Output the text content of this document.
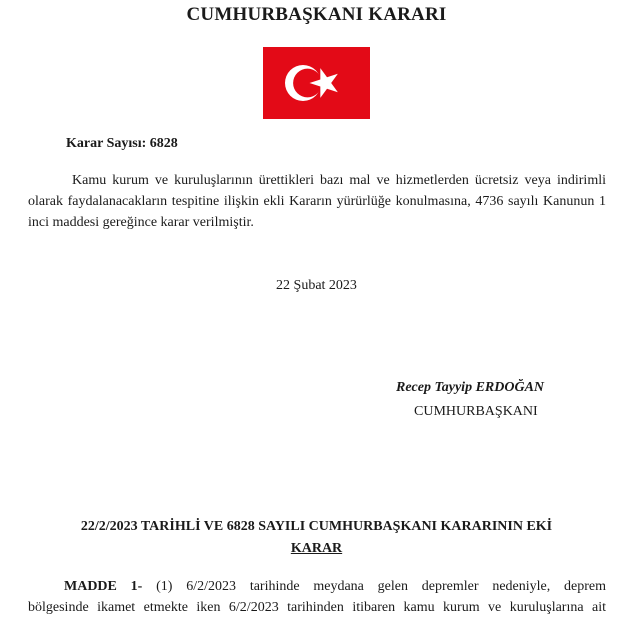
CUMHURBAŞKANI KARARI
Karar Sayısı: 6828
Kamu kurum ve kuruluşlarının ürettikleri bazı mal ve hizmetlerden ücretsiz veya indirimli olarak faydalanacakların tespitine ilişkin ekli Kararın yürürlüğe konulmasına, 4736 sayılı Kanunun 1 inci maddesi gereğince karar verilmiştir.
22 Şubat 2023
Recep Tayyip ERDOĞAN
CUMHURBAŞKANI
22/2/2023 TARİHLİ VE 6828 SAYILI CUMHURBAŞKANI KARARININ EKİ
KARAR
MADDE 1- (1) 6/2/2023 tarihinde meydana gelen depremler nedeniyle, deprem
bölgesinde ikamet etmekte iken 6/2/2023 tarihinden itibaren kamu kurum ve kuruluşlarına ait
